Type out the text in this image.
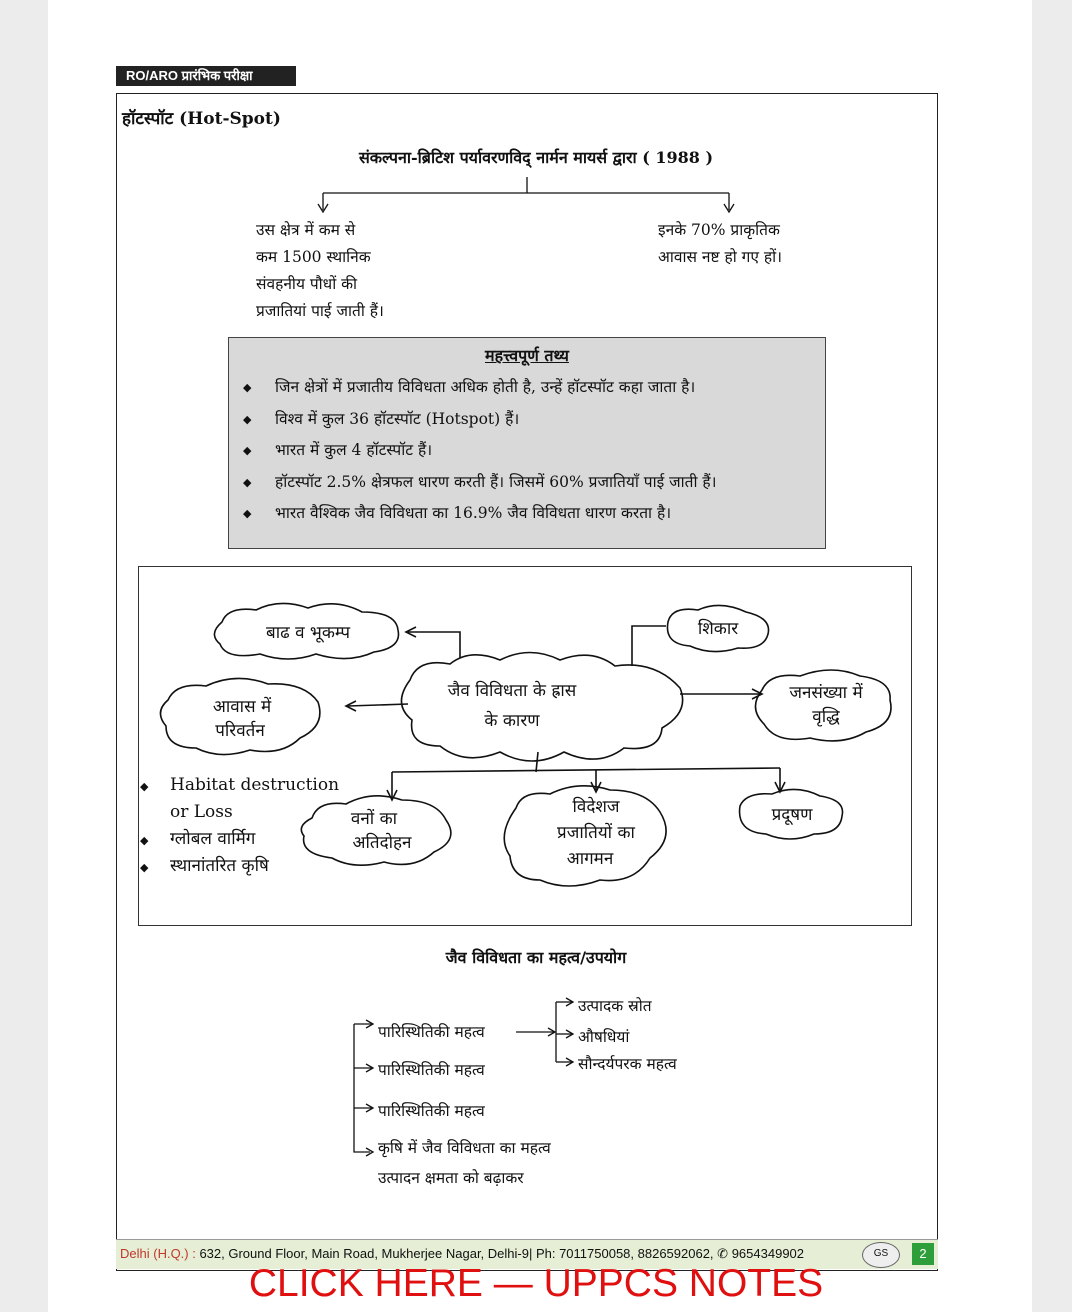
RO/ARO प्रारंभिक परीक्षा
हॉटस्पॉट (Hot-Spot)
संकल्पना-ब्रिटिश पर्यावरणविद् नार्मन मायर्स द्वारा ( 1988 )
उस क्षेत्र में कम से
कम 1500 स्थानिक
संवहनीय पौधों की
प्रजातियां पाई जाती हैं।
इनके 70% प्राकृतिक
आवास नष्ट हो गए हों।
महत्त्वपूर्ण तथ्य
◆ जिन क्षेत्रों में प्रजातीय विविधता अधिक होती है, उन्हें हॉटस्पॉट कहा जाता है।
◆ विश्व में कुल 36 हॉटस्पॉट (Hotspot) हैं।
◆ भारत में कुल 4 हॉटस्पॉट हैं।
◆ हॉटस्पॉट 2.5% क्षेत्रफल धारण करती हैं। जिसमें 60% प्रजातियाँ पाई जाती हैं।
◆ भारत वैश्विक जैव विविधता का 16.9% जैव विविधता धारण करता है।
जैव विविधता के ह्रास
के कारण
बाढ व भूकम्प	शिकार
आवास में
परिवर्तन
जनसंख्या में
वृद्धि
वनों का
अतिदोहन
विदेशज
प्रजातियों का
आगमन
प्रदूषण
◆ Habitat destruction
or Loss
◆ ग्लोबल वार्मिग
◆ स्थानांतरित कृषि
जैव विविधता का महत्व/उपयोग
पारिस्थितिकी महत्व
पारिस्थितिकी महत्व
पारिस्थितिकी महत्व
कृषि में जैव विविधता का महत्व
उत्पादन क्षमता को बढ़ाकर
उत्पादक स्रोत
औषधियां
सौन्दर्यपरक महत्व
Delhi (H.Q.) : 632, Ground Floor, Main Road, Mukherjee Nagar, Delhi-9| Ph: 7011750058, 8826592062, ✆ 9654349902	GS	2
CLICK HERE — UPPCS NOTES
